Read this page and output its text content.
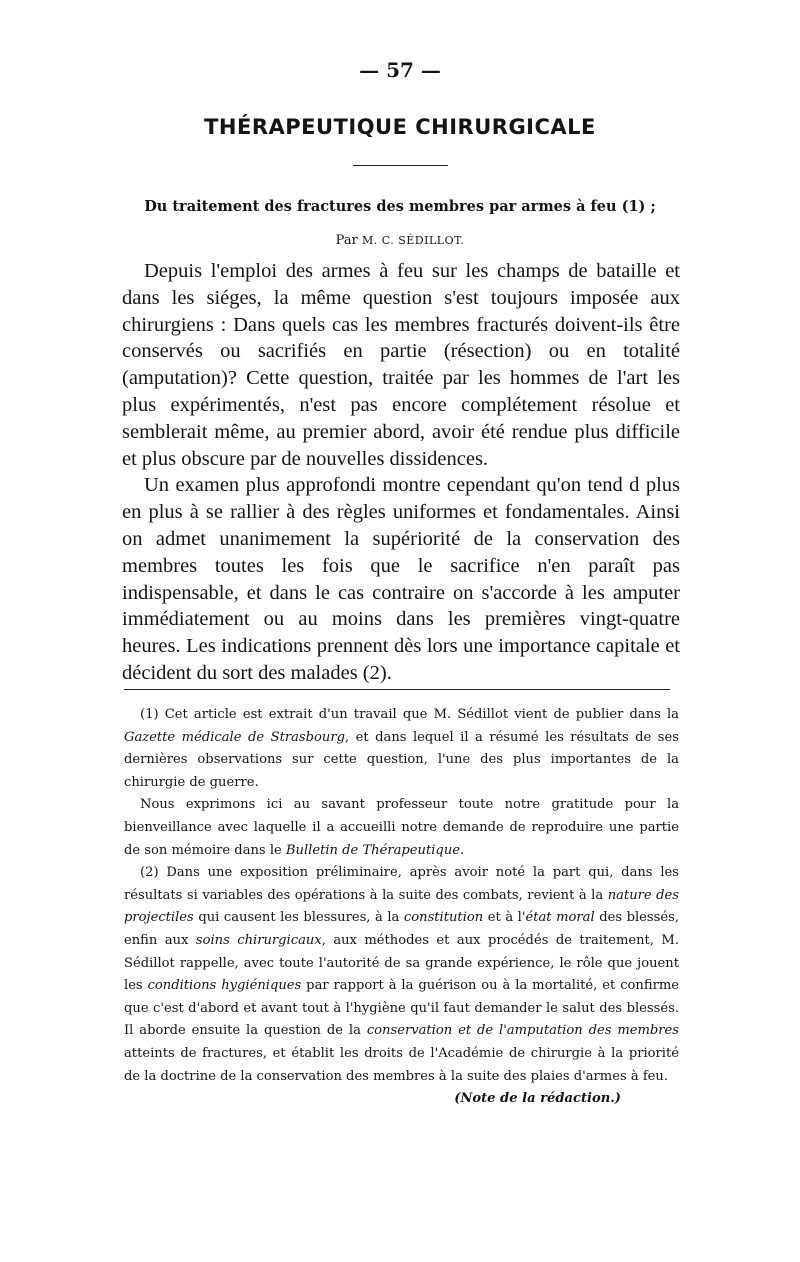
— 57 —
THÉRAPEUTIQUE CHIRURGICALE
Du traitement des fractures des membres par armes à feu (1) ;
Par M. C. SÉDILLOT.

Depuis l'emploi des armes à feu sur les champs de bataille et dans les siéges, la même question s'est toujours imposée aux chirurgiens : Dans quels cas les membres fracturés doivent-ils être conservés ou sacrifiés en partie (résection) ou en totalité (amputation)? Cette question, traitée par les hommes de l'art les plus expérimentés, n'est pas encore complétement résolue et semblerait même, au premier abord, avoir été rendue plus difficile et plus obscure par de nouvelles dissidences.

Un examen plus approfondi montre cependant qu'on tend d plus en plus à se rallier à des règles uniformes et fondamentales. Ainsi on admet unanimement la supériorité de la conservation des membres toutes les fois que le sacrifice n'en paraît pas indispensable, et dans le cas contraire on s'accorde à les amputer immédiatement ou au moins dans les premières vingt-quatre heures. Les indications prennent dès lors une importance capitale et décident du sort des malades (2).

(1) Cet article est extrait d'un travail que M. Sédillot vient de publier dans la Gazette médicale de Strasbourg, et dans lequel il a résumé les résultats de ses dernières observations sur cette question, l'une des plus importantes de la chirurgie de guerre.

Nous exprimons ici au savant professeur toute notre gratitude pour la bienveillance avec laquelle il a accueilli notre demande de reproduire une partie de son mémoire dans le Bulletin de Thérapeutique.

(2) Dans une exposition préliminaire, après avoir noté la part qui, dans les résultats si variables des opérations à la suite des combats, revient à la nature des projectiles qui causent les blessures, à la constitution et à l'état moral des blessés, enfin aux soins chirurgicaux, aux méthodes et aux procédés de traitement, M. Sédillot rappelle, avec toute l'autorité de sa grande expérience, le rôle que jouent les conditions hygiéniques par rapport à la guérison ou à la mortalité, et confirme que c'est d'abord et avant tout à l'hygiène qu'il faut demander le salut des blessés. Il aborde ensuite la question de la conservation et de l'amputation des membres atteints de fractures, et établit les droits de l'Académie de chirurgie à la priorité de la doctrine de la conservation des membres à la suite des plaies d'armes à feu.

(Note de la rédaction.)
